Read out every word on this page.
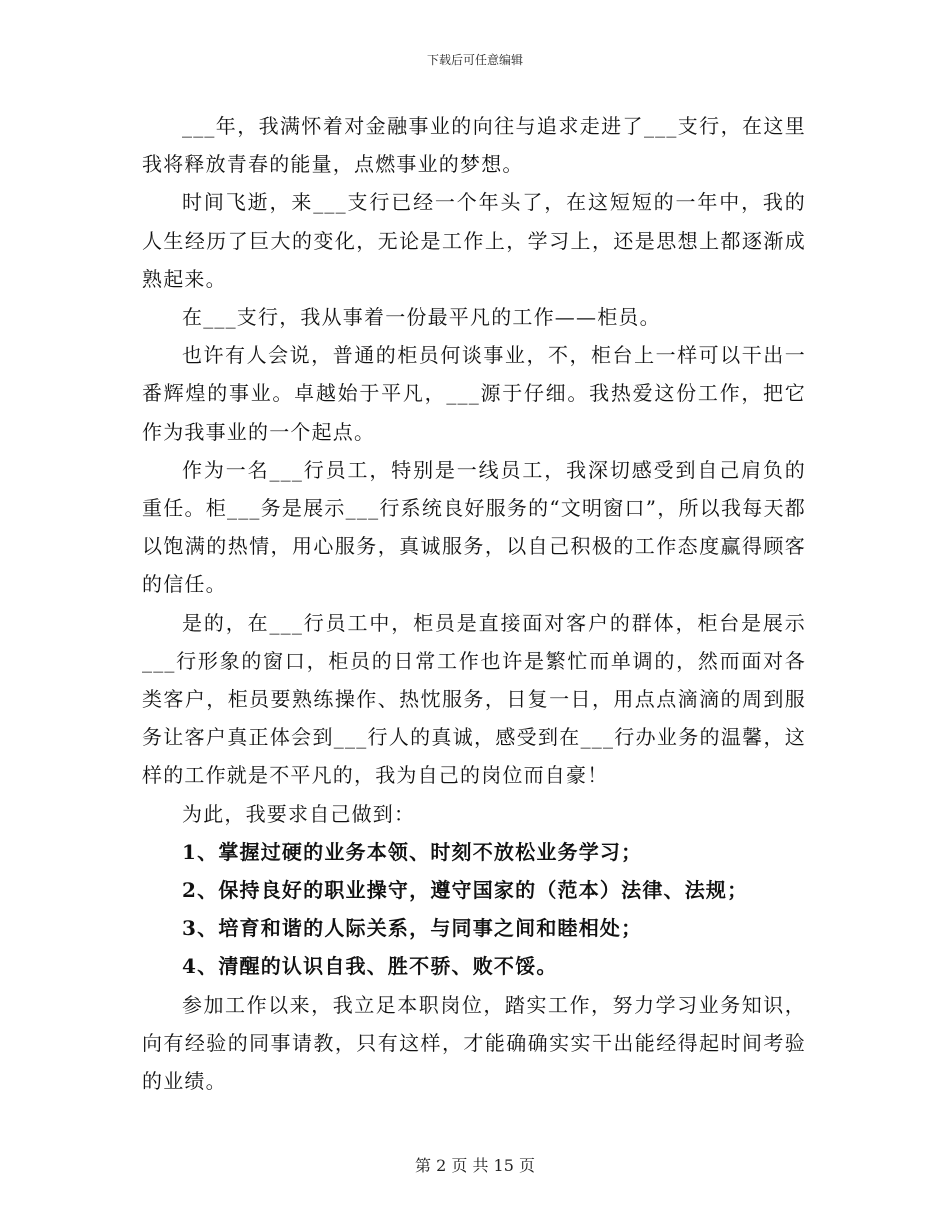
下载后可任意编辑

___年，我满怀着对金融事业的向往与追求走进了___支行，在这里我将释放青春的能量，点燃事业的梦想。

时间飞逝，来___支行已经一个年头了，在这短短的一年中，我的人生经历了巨大的变化，无论是工作上，学习上，还是思想上都逐渐成熟起来。

在___支行，我从事着一份最平凡的工作——柜员。

也许有人会说，普通的柜员何谈事业，不，柜台上一样可以干出一番辉煌的事业。卓越始于平凡，___源于仔细。我热爱这份工作，把它作为我事业的一个起点。

作为一名___行员工，特别是一线员工，我深切感受到自己肩负的重任。柜___务是展示___行系统良好服务的“文明窗口”，所以我每天都以饱满的热情，用心服务，真诚服务，以自己积极的工作态度赢得顾客的信任。

是的，在___行员工中，柜员是直接面对客户的群体，柜台是展示___行形象的窗口，柜员的日常工作也许是繁忙而单调的，然而面对各类客户，柜员要熟练操作、热忱服务，日复一日，用点点滴滴的周到服务让客户真正体会到___行人的真诚，感受到在___行办业务的温馨，这样的工作就是不平凡的，我为自己的岗位而自豪！

为此，我要求自己做到：

1、掌握过硬的业务本领、时刻不放松业务学习；

2、保持良好的职业操守，遵守国家的（范本）法律、法规；

3、培育和谐的人际关系，与同事之间和睦相处；

4、清醒的认识自我、胜不骄、败不馁。

参加工作以来，我立足本职岗位，踏实工作，努力学习业务知识，向有经验的同事请教，只有这样，才能确确实实干出能经得起时间考验的业绩。

第 2 页 共 15 页
